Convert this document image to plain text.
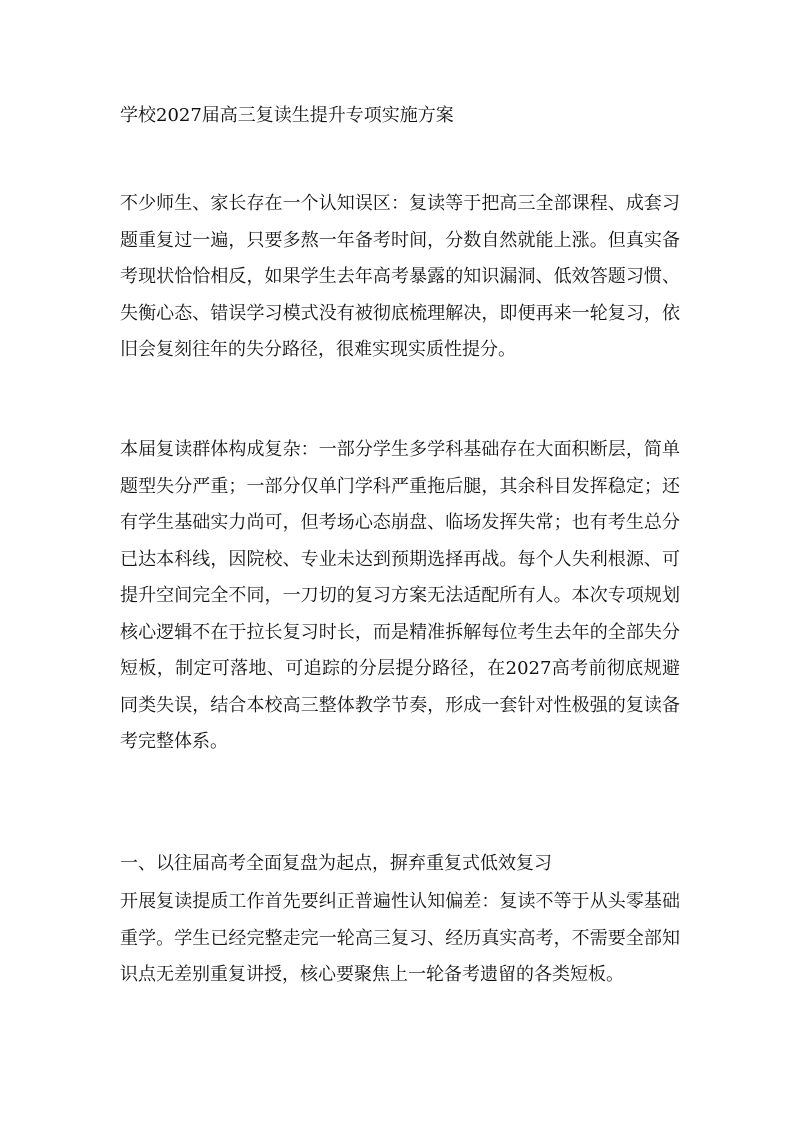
学校2027届高三复读生提升专项实施方案

不少师生、家长存在一个认知误区：复读等于把高三全部课程、成套习题重复过一遍，只要多熬一年备考时间，分数自然就能上涨。但真实备考现状恰恰相反，如果学生去年高考暴露的知识漏洞、低效答题习惯、失衡心态、错误学习模式没有被彻底梳理解决，即便再来一轮复习，依旧会复刻往年的失分路径，很难实现实质性提分。

本届复读群体构成复杂：一部分学生多学科基础存在大面积断层，简单题型失分严重；一部分仅单门学科严重拖后腿，其余科目发挥稳定；还有学生基础实力尚可，但考场心态崩盘、临场发挥失常；也有考生总分已达本科线，因院校、专业未达到预期选择再战。每个人失利根源、可提升空间完全不同，一刀切的复习方案无法适配所有人。本次专项规划核心逻辑不在于拉长复习时长，而是精准拆解每位考生去年的全部失分短板，制定可落地、可追踪的分层提分路径，在2027高考前彻底规避同类失误，结合本校高三整体教学节奏，形成一套针对性极强的复读备考完整体系。

一、以往届高考全面复盘为起点，摒弃重复式低效复习

开展复读提质工作首先要纠正普遍性认知偏差：复读不等于从头零基础重学。学生已经完整走完一轮高三复习、经历真实高考，不需要全部知识点无差别重复讲授，核心要聚焦上一轮备考遗留的各类短板。
